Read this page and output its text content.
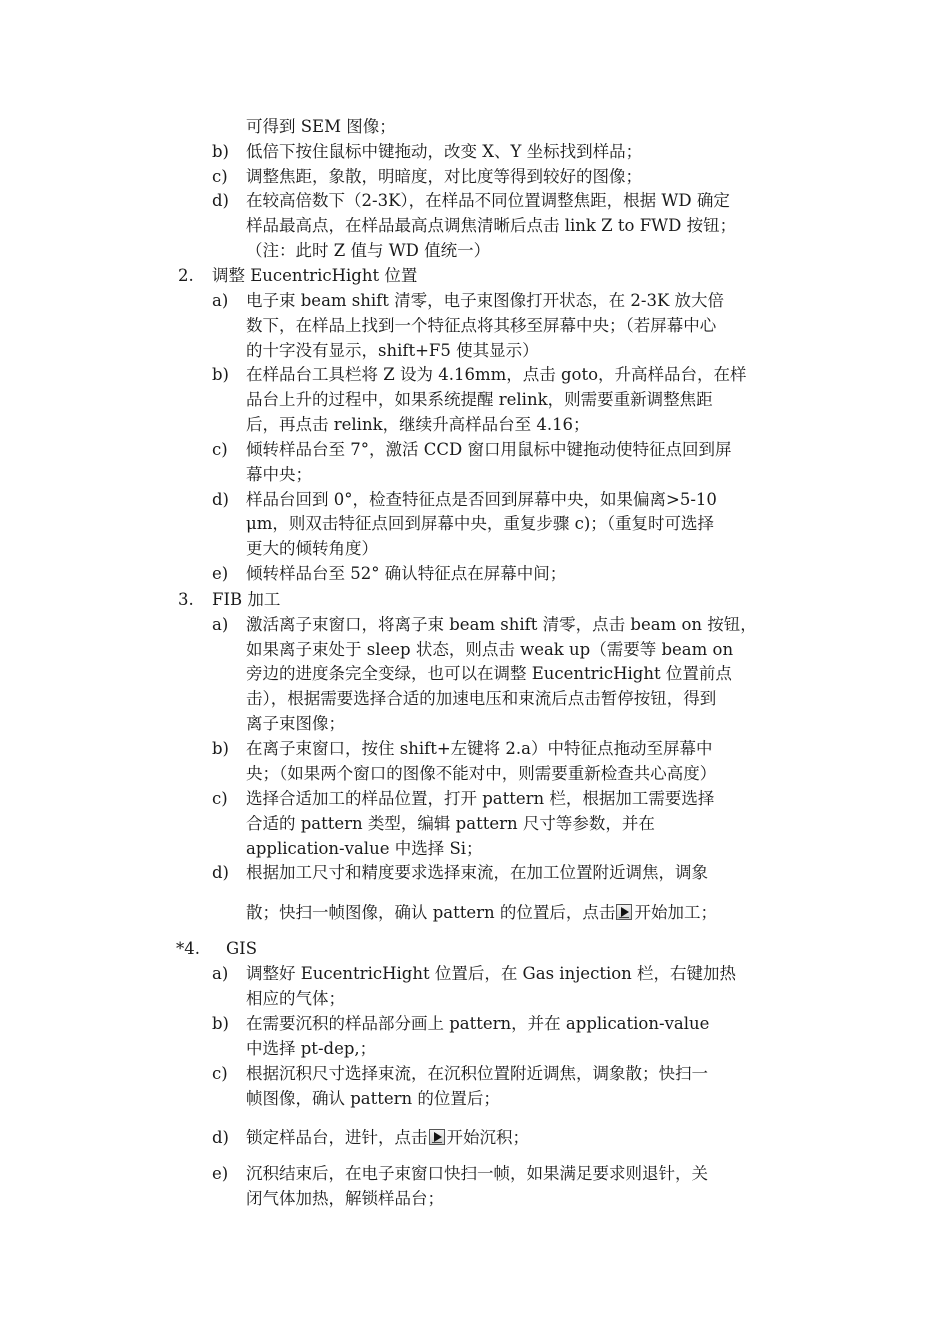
可得到 SEM 图像；
b) 低倍下按住鼠标中键拖动，改变 X、Y 坐标找到样品；
c) 调整焦距，象散，明暗度，对比度等得到较好的图像；
d) 在较高倍数下（2-3K），在样品不同位置调整焦距，根据 WD 确定
样品最高点，在样品最高点调焦清晰后点击 link Z to FWD 按钮；
（注：此时 Z 值与 WD 值统一）
2. 调整 EucentricHight 位置
a) 电子束 beam shift 清零，电子束图像打开状态，在 2-3K 放大倍
数下，在样品上找到一个特征点将其移至屏幕中央；（若屏幕中心
的十字没有显示，shift+F5 使其显示）
b) 在样品台工具栏将 Z 设为 4.16mm，点击 goto，升高样品台，在样
品台上升的过程中，如果系统提醒 relink，则需要重新调整焦距
后，再点击 relink，继续升高样品台至 4.16；
c) 倾转样品台至 7°，激活 CCD 窗口用鼠标中键拖动使特征点回到屏
幕中央；
d) 样品台回到 0°，检查特征点是否回到屏幕中央，如果偏离>5-10
μm，则双击特征点回到屏幕中央，重复步骤 c)；（重复时可选择
更大的倾转角度）
e) 倾转样品台至 52° 确认特征点在屏幕中间；
3. FIB 加工
a) 激活离子束窗口，将离子束 beam shift 清零，点击 beam on 按钮，
如果离子束处于 sleep 状态，则点击 weak up（需要等 beam on
旁边的进度条完全变绿，也可以在调整 EucentricHight 位置前点
击），根据需要选择合适的加速电压和束流后点击暂停按钮，得到
离子束图像；
b) 在离子束窗口，按住 shift+左键将 2.a）中特征点拖动至屏幕中
央；（如果两个窗口的图像不能对中，则需要重新检查共心高度）
c) 选择合适加工的样品位置，打开 pattern 栏，根据加工需要选择
合适的 pattern 类型，编辑 pattern 尺寸等参数，并在
application-value 中选择 Si；
d) 根据加工尺寸和精度要求选择束流，在加工位置附近调焦，调象
散；快扫一帧图像，确认 pattern 的位置后，点击 开始加工；
*4. GIS
a) 调整好 EucentricHight 位置后，在 Gas injection 栏，右键加热
相应的气体；
b) 在需要沉积的样品部分画上 pattern，并在 application-value
中选择 pt-dep,；
c) 根据沉积尺寸选择束流，在沉积位置附近调焦，调象散；快扫一
帧图像，确认 pattern 的位置后；
d) 锁定样品台，进针，点击 开始沉积；
e) 沉积结束后，在电子束窗口快扫一帧，如果满足要求则退针，关
闭气体加热，解锁样品台；
